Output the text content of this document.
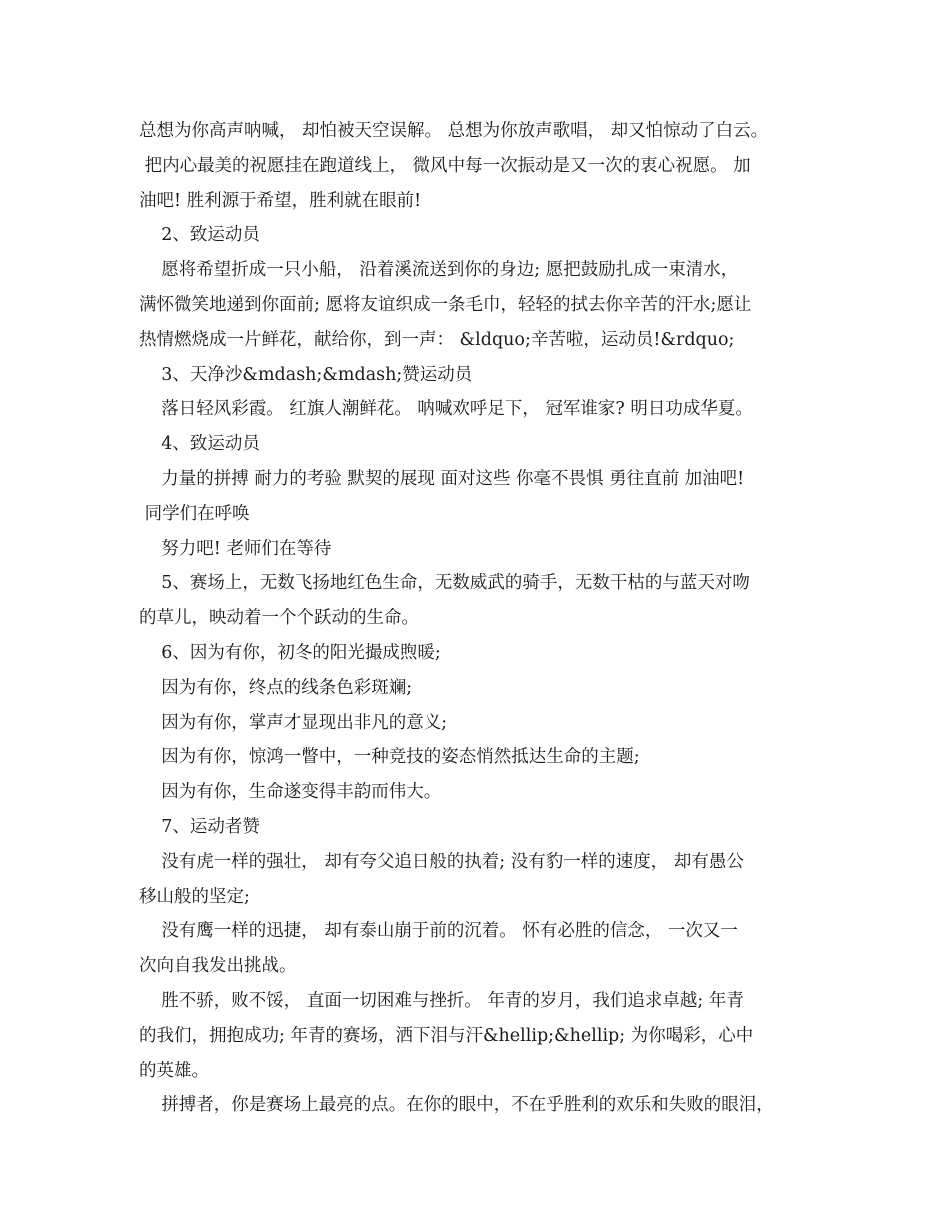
总想为你高声呐喊， 却怕被天空误解。 总想为你放声歌唱， 却又怕惊动了白云。
把内心最美的祝愿挂在跑道线上， 微风中每一次振动是又一次的衷心祝愿。 加
油吧! 胜利源于希望，胜利就在眼前!
2、致运动员
愿将希望折成一只小船， 沿着溪流送到你的身边; 愿把鼓励扎成一束清水，
满怀微笑地递到你面前; 愿将友谊织成一条毛巾，轻轻的拭去你辛苦的汗水;愿让
热情燃烧成一片鲜花，献给你，到一声： &ldquo;辛苦啦，运动员!&rdquo;
3、天净沙&mdash;&mdash;赞运动员
落日轻风彩霞。 红旗人潮鲜花。 呐喊欢呼足下， 冠军谁家? 明日功成华夏。
4、致运动员
力量的拼搏 耐力的考验 默契的展现 面对这些 你毫不畏惧 勇往直前 加油吧!
同学们在呼唤
努力吧! 老师们在等待
5、赛场上，无数飞扬地红色生命，无数威武的骑手，无数干枯的与蓝天对吻
的草儿，映动着一个个跃动的生命。
6、因为有你，初冬的阳光撮成煦暖;
因为有你，终点的线条色彩斑斓;
因为有你，掌声才显现出非凡的意义;
因为有你，惊鸿一瞥中，一种竞技的姿态悄然抵达生命的主题;
因为有你，生命遂变得丰韵而伟大。
7、运动者赞
没有虎一样的强壮， 却有夸父追日般的执着; 没有豹一样的速度， 却有愚公
移山般的坚定;
没有鹰一样的迅捷， 却有泰山崩于前的沉着。 怀有必胜的信念， 一次又一
次向自我发出挑战。
胜不骄，败不馁， 直面一切困难与挫折。 年青的岁月，我们追求卓越; 年青
的我们，拥抱成功; 年青的赛场，洒下泪与汗&hellip;&hellip; 为你喝彩，心中
的英雄。
拼搏者，你是赛场上最亮的点。在你的眼中，不在乎胜利的欢乐和失败的眼泪，
